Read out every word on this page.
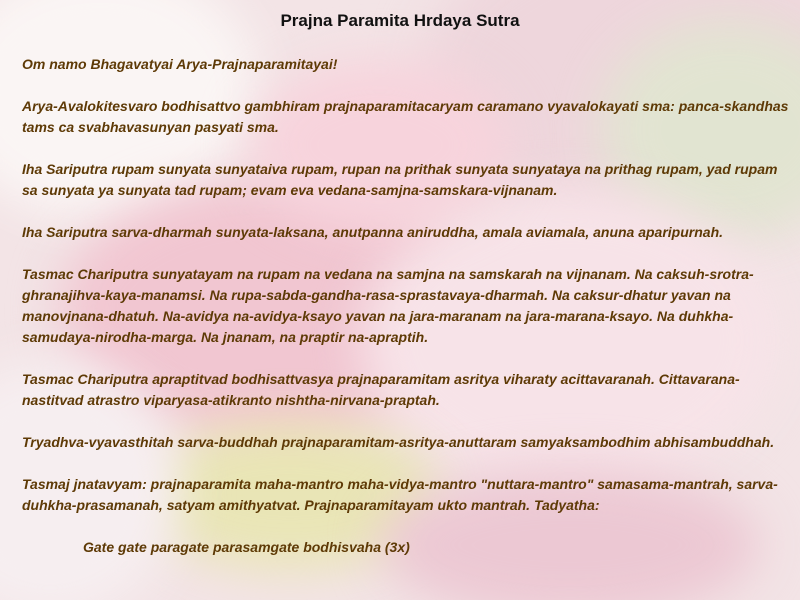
Prajna Paramita Hrdaya Sutra

Om namo Bhagavatyai Arya-Prajnaparamitayai!

Arya-Avalokitesvaro bodhisattvo gambhiram prajnaparamitacaryam caramano vyavalokayati sma: panca-skandhas tams ca svabhavasunyan pasyati sma.

Iha Sariputra rupam sunyata sunyataiva rupam, rupan na prithak sunyata sunyataya na prithag rupam, yad rupam sa sunyata ya sunyata tad rupam; evam eva vedana-samjna-samskara-vijnanam.

Iha Sariputra sarva-dharmah sunyata-laksana, anutpanna aniruddha, amala aviamala, anuna aparipurnah.

Tasmac Chariputra sunyatayam na rupam na vedana na samjna na samskarah na vijnanam. Na caksuh-srotra-ghranajihva-kaya-manamsi. Na rupa-sabda-gandha-rasa-sprastavaya-dharmah. Na caksur-dhatur yavan na manovjnana-dhatuh. Na-avidya na-avidya-ksayo yavan na jara-maranam na jara-marana-ksayo. Na duhkha-samudaya-nirodha-marga. Na jnanam, na praptir na-apraptih.

Tasmac Chariputra apraptitvad bodhisattvasya prajnaparamitam asritya viharaty acittavaranah. Cittavarana-nastitvad atrastro viparyasa-atikranto nishtha-nirvana-praptah.

Tryadhva-vyavasthitah sarva-buddhah prajnaparamitam-asritya-anuttaram samyaksambodhim abhisambuddhah.

Tasmaj jnatavyam: prajnaparamita maha-mantro maha-vidya-mantro "nuttara-mantro" samasama-mantrah, sarva-duhkha-prasamanah, satyam amithyatvat. Prajnaparamitayam ukto mantrah. Tadyatha:

Gate gate paragate parasamgate bodhisvaha (3x)
